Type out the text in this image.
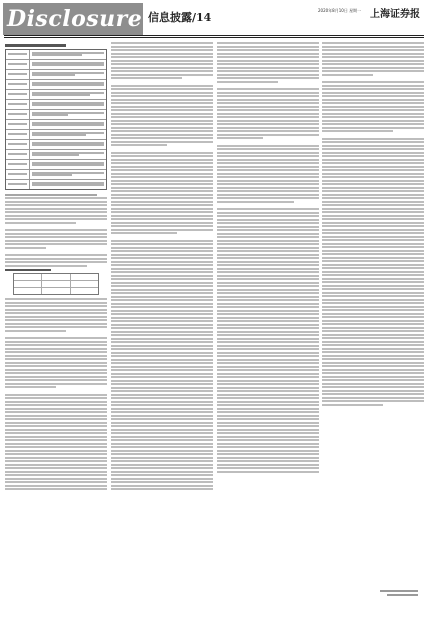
Disclosure 信息披露/14
2020年8月10日 星期一 上海证券报
